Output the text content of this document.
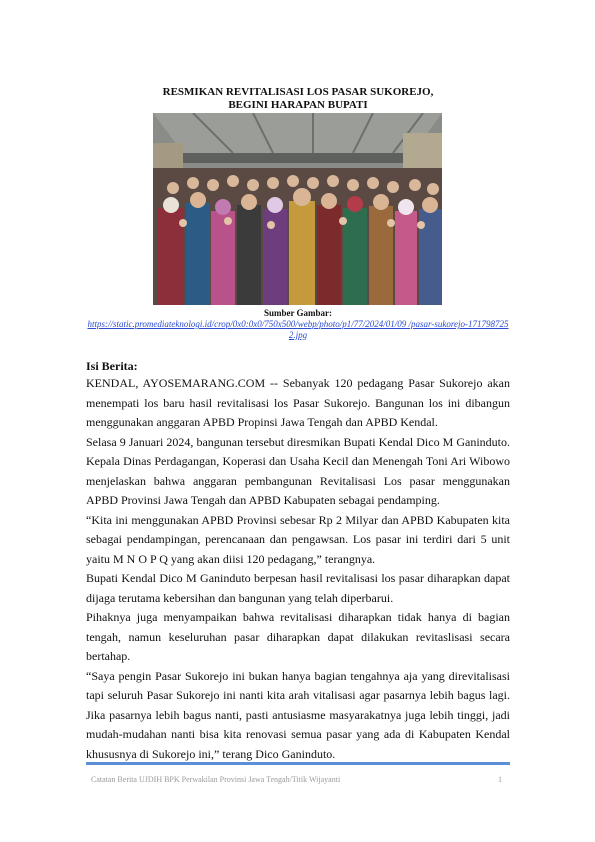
RESMIKAN REVITALISASI LOS PASAR SUKOREJO,
BEGINI HARAPAN BUPATI
Sumber Gambar:
https://static.promediateknologi.id/crop/0x0:0x0/750x500/webp/photo/p1/77/2024/01/09 /pasar-sukorejo-1717987252.jpg

Isi Berita:

KENDAL, AYOSEMARANG.COM -- Sebanyak 120 pedagang Pasar Sukorejo akan menempati los baru hasil revitalisasi los Pasar Sukorejo. Bangunan los ini dibangun menggunakan anggaran APBD Propinsi Jawa Tengah dan APBD Kendal.

Selasa 9 Januari 2024, bangunan tersebut diresmikan Bupati Kendal Dico M Ganinduto. Kepala Dinas Perdagangan, Koperasi dan Usaha Kecil dan Menengah Toni Ari Wibowo menjelaskan bahwa anggaran pembangunan Revitalisasi Los pasar menggunakan APBD Provinsi Jawa Tengah dan APBD Kabupaten sebagai pendamping.

“Kita ini menggunakan APBD Provinsi sebesar Rp 2 Milyar dan APBD Kabupaten kita sebagai pendampingan, perencanaan dan pengawsan. Los pasar ini terdiri dari 5 unit yaitu M N O P Q yang akan diisi 120 pedagang,” terangnya.

Bupati Kendal Dico M Ganinduto berpesan hasil revitalisasi los pasar diharapkan dapat dijaga terutama kebersihan dan bangunan yang telah diperbarui.

Pihaknya juga menyampaikan bahwa revitalisasi diharapkan tidak hanya di bagian tengah, namun keseluruhan pasar diharapkan dapat dilakukan revitaslisasi secara bertahap.

“Saya pengin Pasar Sukorejo ini bukan hanya bagian tengahnya aja yang direvitalisasi tapi seluruh Pasar Sukorejo ini nanti kita arah vitalisasi agar pasarnya lebih bagus lagi. Jika pasarnya lebih bagus nanti, pasti antusiasme masyarakatnya juga lebih tinggi, jadi mudah-mudahan nanti bisa kita renovasi semua pasar yang ada di Kabupaten Kendal khususnya di Sukorejo ini,” terang Dico Ganinduto.

Catatan Berita UJDIH BPK Perwakilan Provinsi Jawa Tengah/Titik Wijayanti	1
